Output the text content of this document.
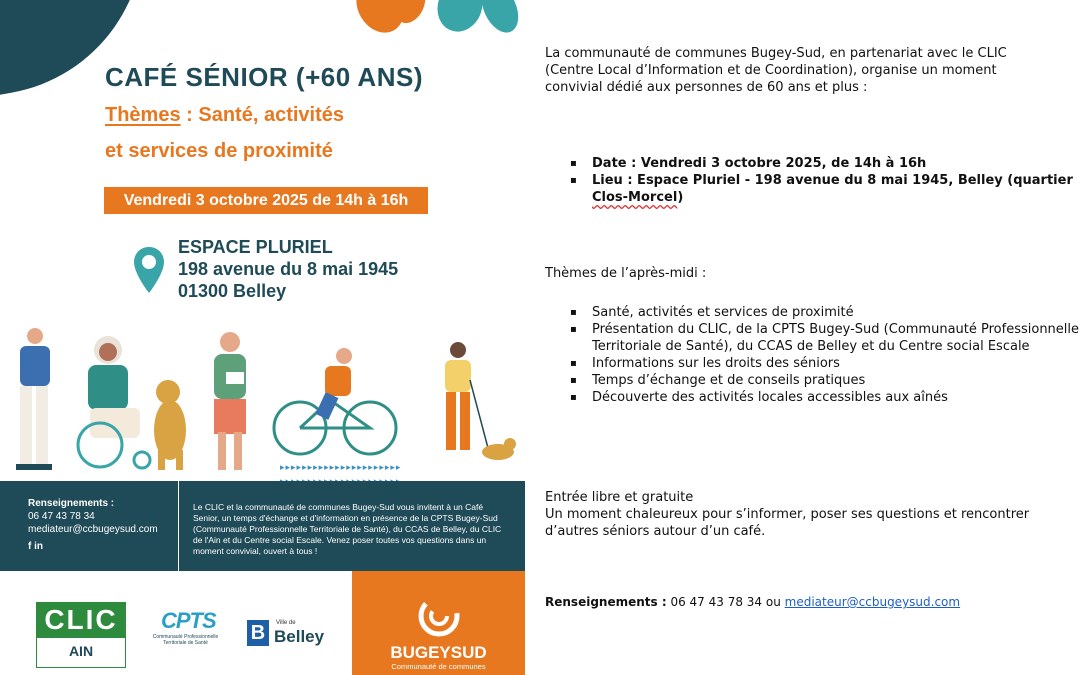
CAFÉ SÉNIOR (+60 ANS)
Thèmes : Santé, activités
et services de proximité
Vendredi 3 octobre 2025 de 14h à 16h
ESPACE PLURIEL
198 avenue du 8 mai 1945
01300 Belley
▸▸▸▸▸▸▸▸▸▸▸▸▸▸▸▸▸▸▸▸▸▸
Renseignements :
06 47 43 78 34
mediateur@ccbugeysud.com
f in
Le CLIC et la communauté de communes Bugey-Sud vous invitent à un Café Senior, un temps d'échange et d'information en présence de la CPTS Bugey-Sud (Communauté Professionnelle Territoriale de Santé), du CCAS de Belley, du CLIC de l'Ain et du Centre social Escale. Venez poser toutes vos questions dans un moment convivial, ouvert à tous !
CLIC
AIN
CPTS
Communauté Professionnelle Territoriale de Santé	B	Ville de
Belley
BUGEYSUD
Communauté de communes
La communauté de communes Bugey-Sud, en partenariat avec le CLIC (Centre Local d’Information et de Coordination), organise un moment convivial dédié aux personnes de 60 ans et plus :
▪ Date : Vendredi 3 octobre 2025, de 14h à 16h
▪ Lieu : Espace Pluriel - 198 avenue du 8 mai 1945, Belley (quartier Clos-Morcel)
Thèmes de l’après-midi :
▪ Santé, activités et services de proximité
▪ Présentation du CLIC, de la CPTS Bugey-Sud (Communauté Professionnelle Territoriale de Santé), du CCAS de Belley et du Centre social Escale
▪ Informations sur les droits des séniors
▪ Temps d’échange et de conseils pratiques
▪ Découverte des activités locales accessibles aux aînés
Entrée libre et gratuite
Un moment chaleureux pour s’informer, poser ses questions et rencontrer d’autres séniors autour d’un café.
Renseignements : 06 47 43 78 34 ou mediateur@ccbugeysud.com
